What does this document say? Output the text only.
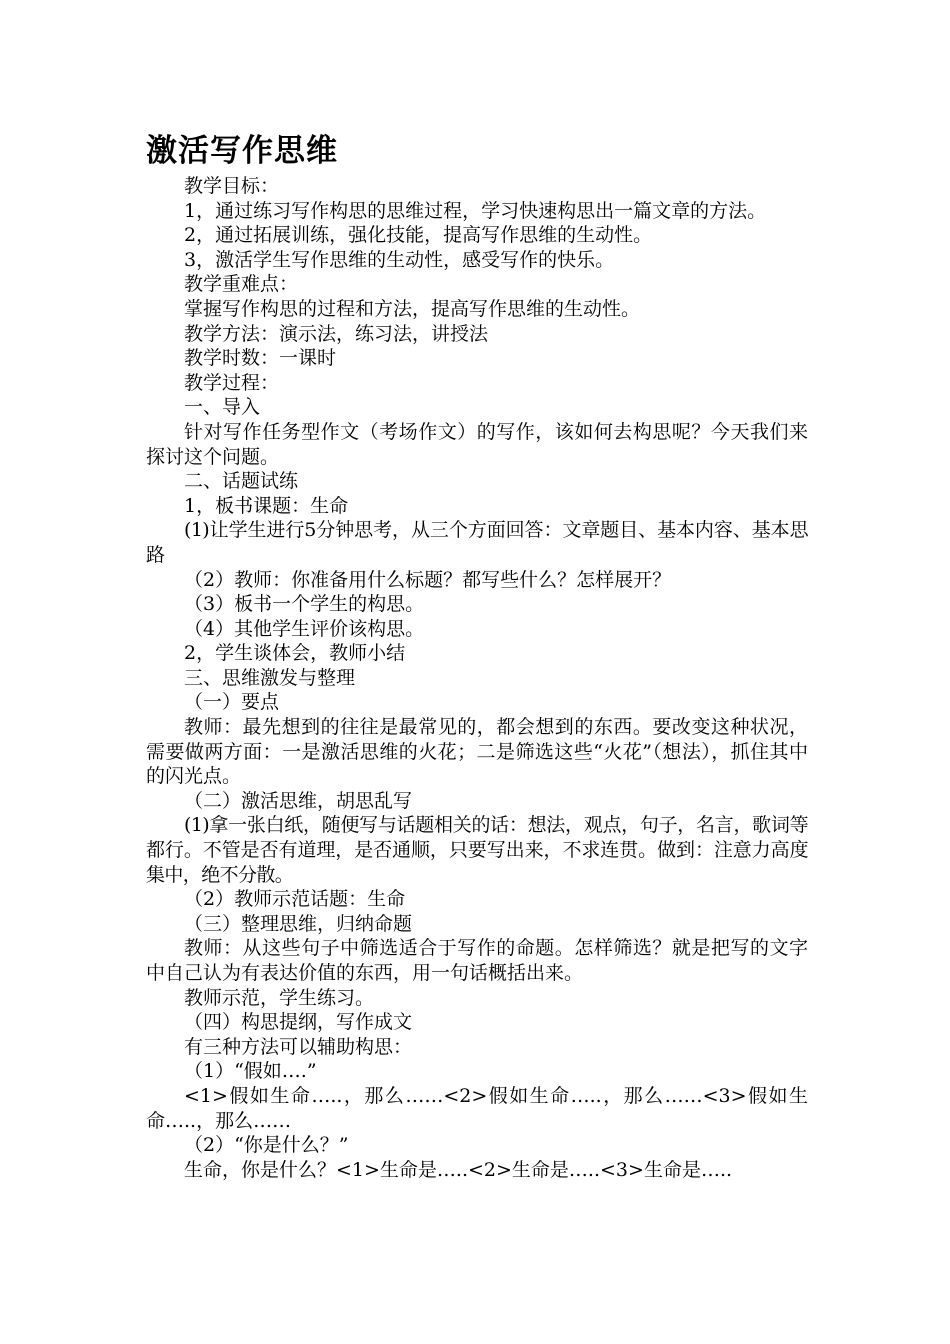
激活写作思维

教学目标：

1，通过练习写作构思的思维过程，学习快速构思出一篇文章的方法。

2，通过拓展训练，强化技能，提高写作思维的生动性。

3，激活学生写作思维的生动性，感受写作的快乐。

教学重难点：

掌握写作构思的过程和方法，提高写作思维的生动性。

教学方法：演示法，练习法，讲授法

教学时数：一课时

教学过程：

一、导入

针对写作任务型作文（考场作文）的写作，该如何去构思呢？今天我们来探讨这个问题。

二、话题试练

1，板书课题：生命

(1)让学生进行5分钟思考，从三个方面回答：文章题目、基本内容、基本思路

（2）教师：你准备用什么标题？都写些什么？怎样展开？

（3）板书一个学生的构思。

（4）其他学生评价该构思。

2，学生谈体会，教师小结

三、思维激发与整理

（一）要点

教师：最先想到的往往是最常见的，都会想到的东西。要改变这种状况，需要做两方面：一是激活思维的火花；二是筛选这些“火花”（想法），抓住其中的闪光点。

（二）激活思维，胡思乱写

(1)拿一张白纸，随便写与话题相关的话：想法，观点，句子，名言，歌词等都行。不管是否有道理，是否通顺，只要写出来，不求连贯。做到：注意力高度集中，绝不分散。

（2）教师示范话题：生命

（三）整理思维，归纳命题

教师：从这些句子中筛选适合于写作的命题。怎样筛选？就是把写的文字中自己认为有表达价值的东西，用一句话概括出来。

教师示范，学生练习。

（四）构思提纲，写作成文

有三种方法可以辅助构思：

（1）“假如….”

<1>假如生命…..，那么……<2>假如生命…..，那么……<3>假如生命…..，那么……

（2）“你是什么？”

生命，你是什么？<1>生命是…..<2>生命是…..<3>生命是…..
